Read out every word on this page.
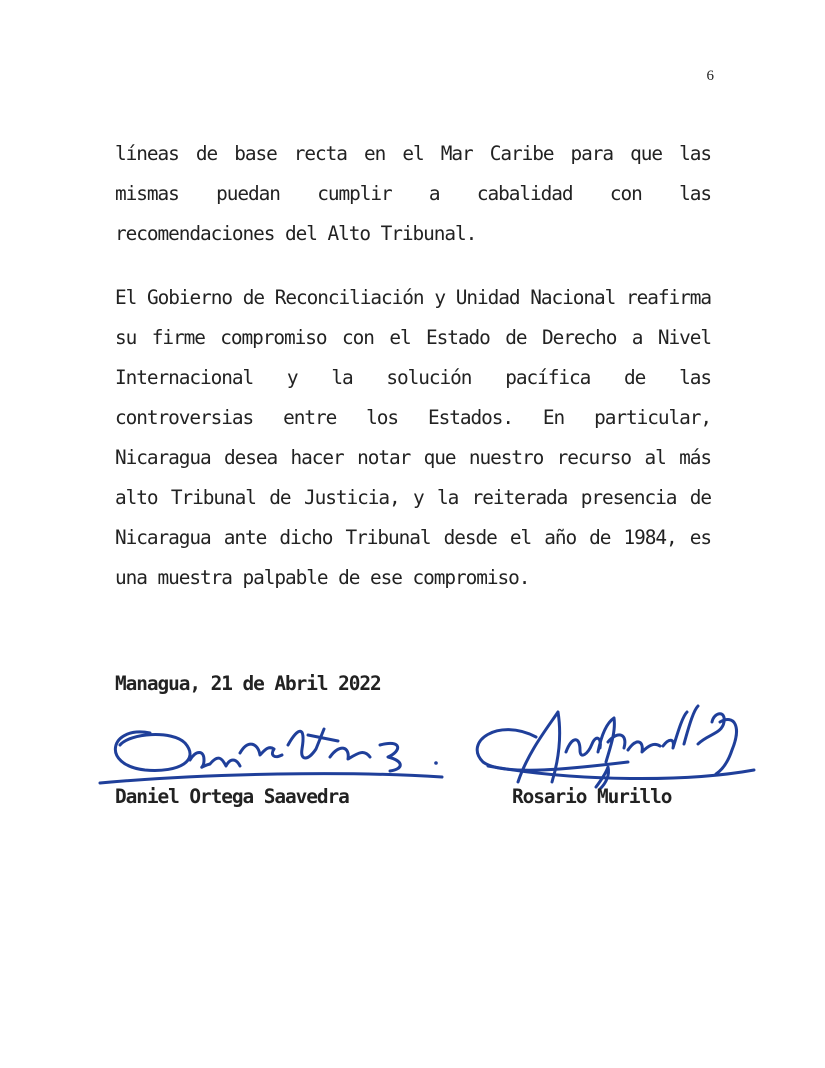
6

líneas de base recta en el Mar Caribe para que las mismas puedan cumplir a cabalidad con las recomendaciones del Alto Tribunal.

El Gobierno de Reconciliación y Unidad Nacional reafirma su firme compromiso con el Estado de Derecho a Nivel Internacional y la solución pacífica de las controversias entre los Estados. En particular, Nicaragua desea hacer notar que nuestro recurso al más alto Tribunal de Justicia, y la reiterada presencia de Nicaragua ante dicho Tribunal desde el año de 1984, es una muestra palpable de ese compromiso.

Managua, 21 de Abril 2022
Daniel Ortega Saavedra	Rosario Murillo
